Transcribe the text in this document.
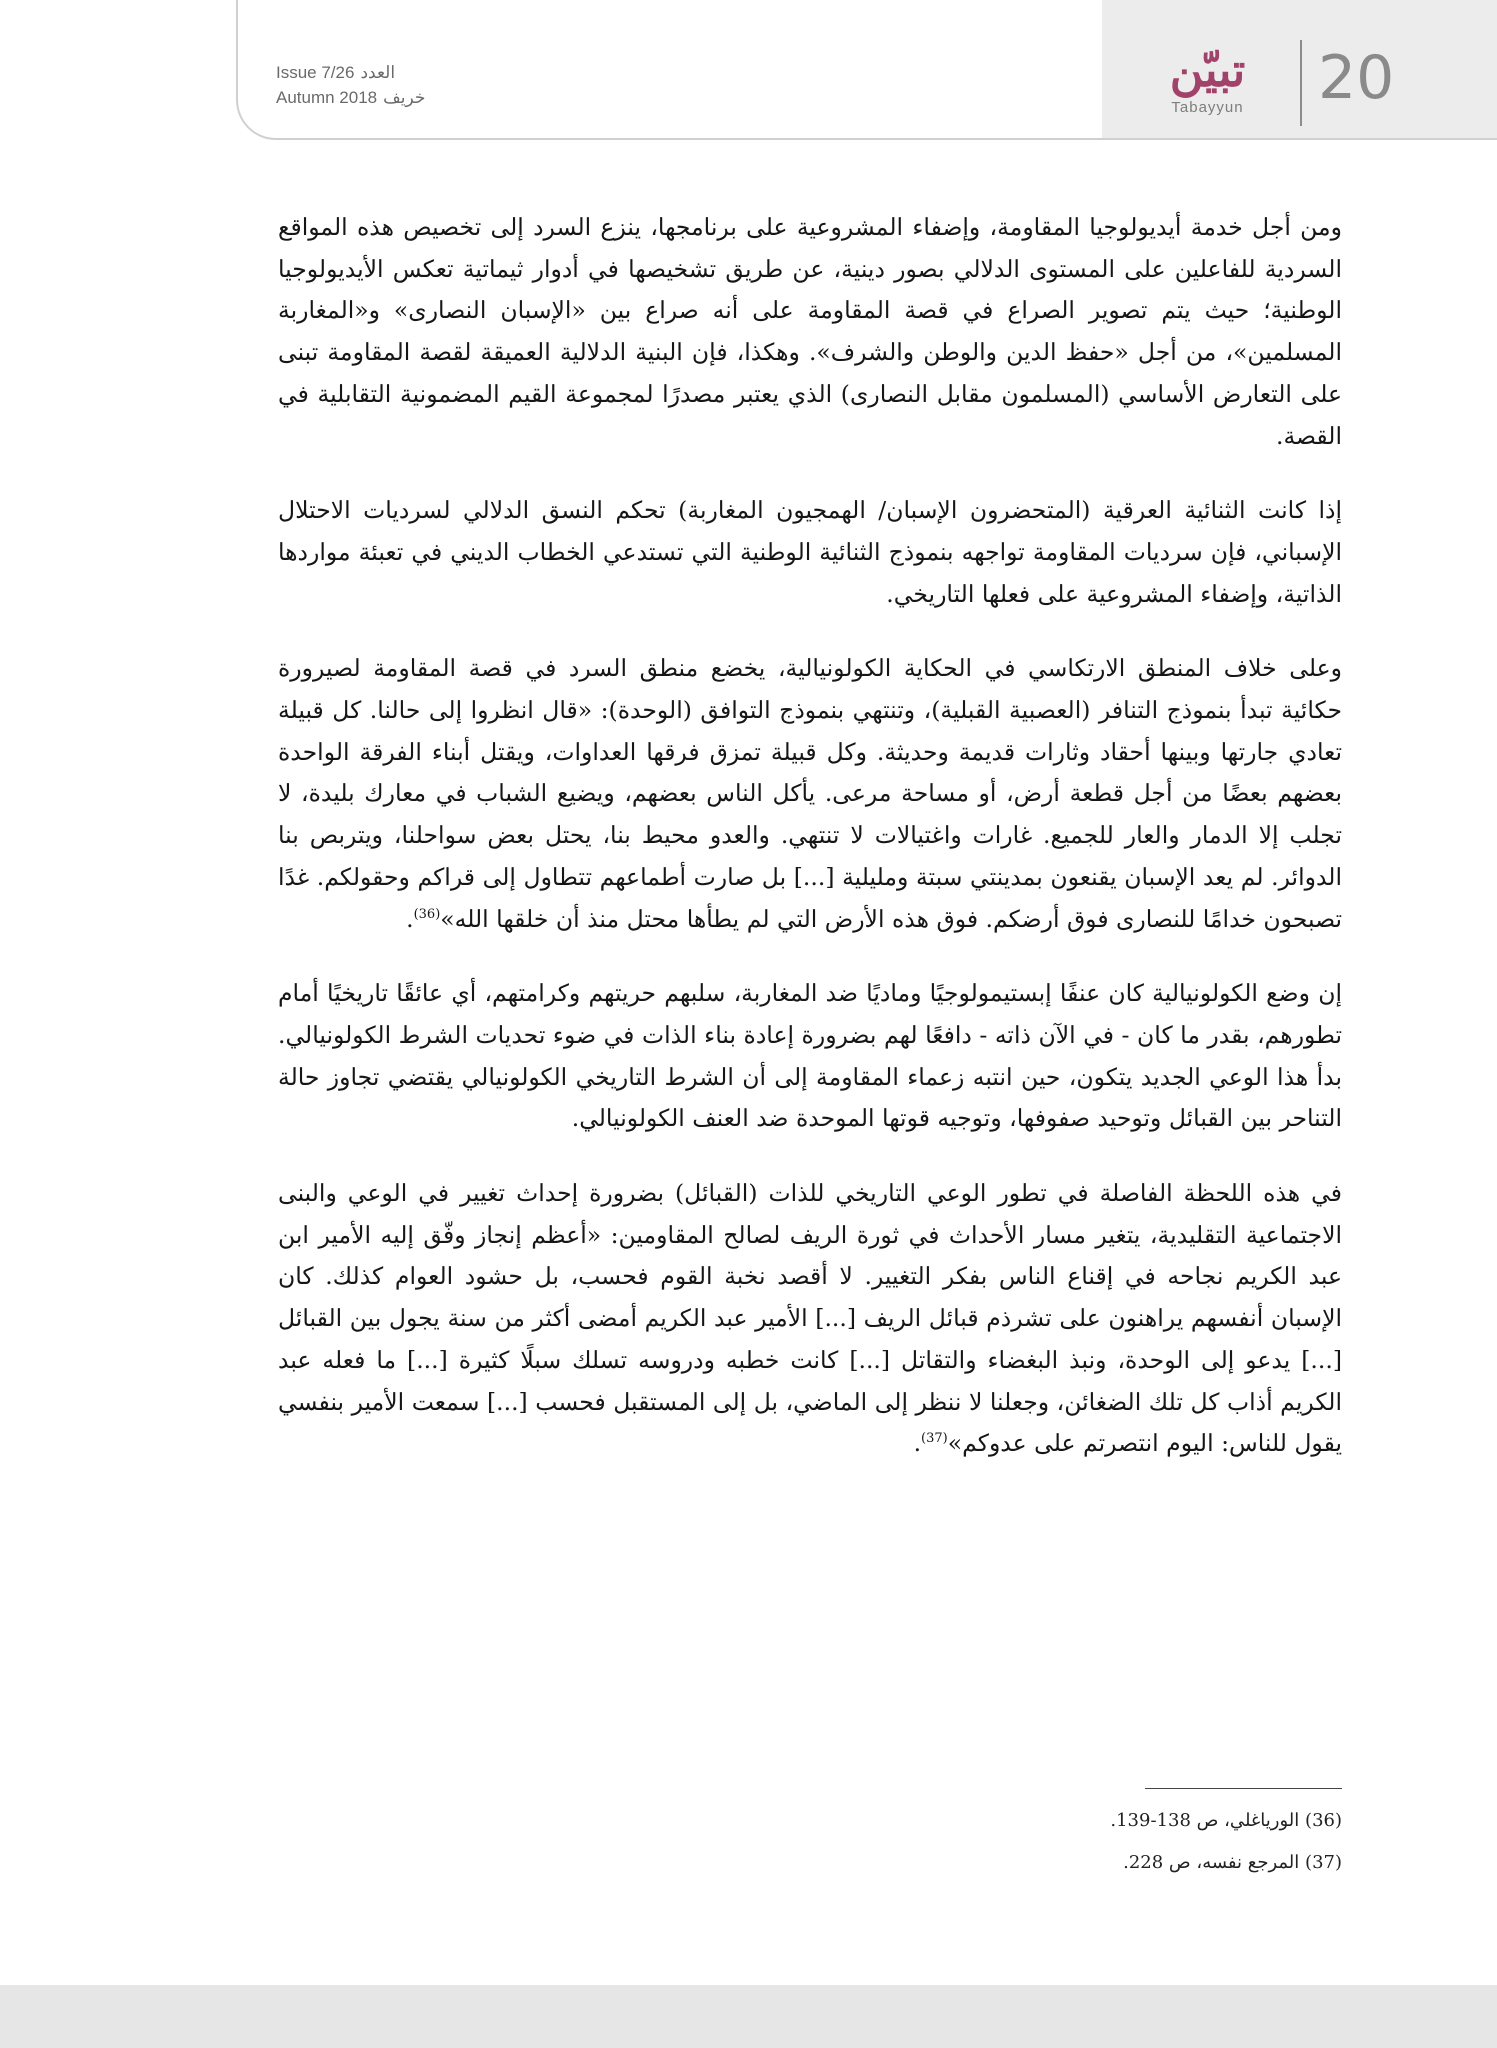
Issue 7/26 العدد
Autumn 2018 خريف
تبيّن
Tabayyun	20

ومن أجل خدمة أيديولوجيا المقاومة، وإضفاء المشروعية على برنامجها، ينزع السرد إلى تخصيص هذه المواقع السردية للفاعلين على المستوى الدلالي بصور دينية، عن طريق تشخيصها في أدوار ثيماتية تعكس الأيديولوجيا الوطنية؛ حيث يتم تصوير الصراع في قصة المقاومة على أنه صراع بين «الإسبان النصارى» و«المغاربة المسلمين»، من أجل «حفظ الدين والوطن والشرف». وهكذا، فإن البنية الدلالية العميقة لقصة المقاومة تبنى على التعارض الأساسي (المسلمون مقابل النصارى) الذي يعتبر مصدرًا لمجموعة القيم المضمونية التقابلية في القصة.

إذا كانت الثنائية العرقية (المتحضرون الإسبان/ الهمجيون المغاربة) تحكم النسق الدلالي لسرديات الاحتلال الإسباني، فإن سرديات المقاومة تواجهه بنموذج الثنائية الوطنية التي تستدعي الخطاب الديني في تعبئة مواردها الذاتية، وإضفاء المشروعية على فعلها التاريخي.

وعلى خلاف المنطق الارتكاسي في الحكاية الكولونيالية، يخضع منطق السرد في قصة المقاومة لصيرورة حكائية تبدأ بنموذج التنافر (العصبية القبلية)، وتنتهي بنموذج التوافق (الوحدة): «قال انظروا إلى حالنا. كل قبيلة تعادي جارتها وبينها أحقاد وثارات قديمة وحديثة. وكل قبيلة تمزق فرقها العداوات، ويقتل أبناء الفرقة الواحدة بعضهم بعضًا من أجل قطعة أرض، أو مساحة مرعى. يأكل الناس بعضهم، ويضيع الشباب في معارك بليدة، لا تجلب إلا الدمار والعار للجميع. غارات واغتيالات لا تنتهي. والعدو محيط بنا، يحتل بعض سواحلنا، ويتربص بنا الدوائر. لم يعد الإسبان يقنعون بمدينتي سبتة ومليلية [...] بل صارت أطماعهم تتطاول إلى قراكم وحقولكم. غدًا تصبحون خدامًا للنصارى فوق أرضكم. فوق هذه الأرض التي لم يطأها محتل منذ أن خلقها الله»$^{(36)}$.

إن وضع الكولونيالية كان عنفًا إبستيمولوجيًا وماديًا ضد المغاربة، سلبهم حريتهم وكرامتهم، أي عائقًا تاريخيًا أمام تطورهم، بقدر ما كان - في الآن ذاته - دافعًا لهم بضرورة إعادة بناء الذات في ضوء تحديات الشرط الكولونيالي. بدأ هذا الوعي الجديد يتكون، حين انتبه زعماء المقاومة إلى أن الشرط التاريخي الكولونيالي يقتضي تجاوز حالة التناحر بين القبائل وتوحيد صفوفها، وتوجيه قوتها الموحدة ضد العنف الكولونيالي.

في هذه اللحظة الفاصلة في تطور الوعي التاريخي للذات (القبائل) بضرورة إحداث تغيير في الوعي والبنى الاجتماعية التقليدية، يتغير مسار الأحداث في ثورة الريف لصالح المقاومين: «أعظم إنجاز وفّق إليه الأمير ابن عبد الكريم نجاحه في إقناع الناس بفكر التغيير. لا أقصد نخبة القوم فحسب، بل حشود العوام كذلك. كان الإسبان أنفسهم يراهنون على تشرذم قبائل الريف [...] الأمير عبد الكريم أمضى أكثر من سنة يجول بين القبائل [...] يدعو إلى الوحدة، ونبذ البغضاء والتقاتل [...] كانت خطبه ودروسه تسلك سبلًا كثيرة [...] ما فعله عبد الكريم أذاب كل تلك الضغائن، وجعلنا لا ننظر إلى الماضي، بل إلى المستقبل فحسب [...] سمعت الأمير بنفسي يقول للناس: اليوم انتصرتم على عدوكم»$^{(37)}$.

(36) الورياغلي، ص 138-139.
(37) المرجع نفسه، ص 228.
